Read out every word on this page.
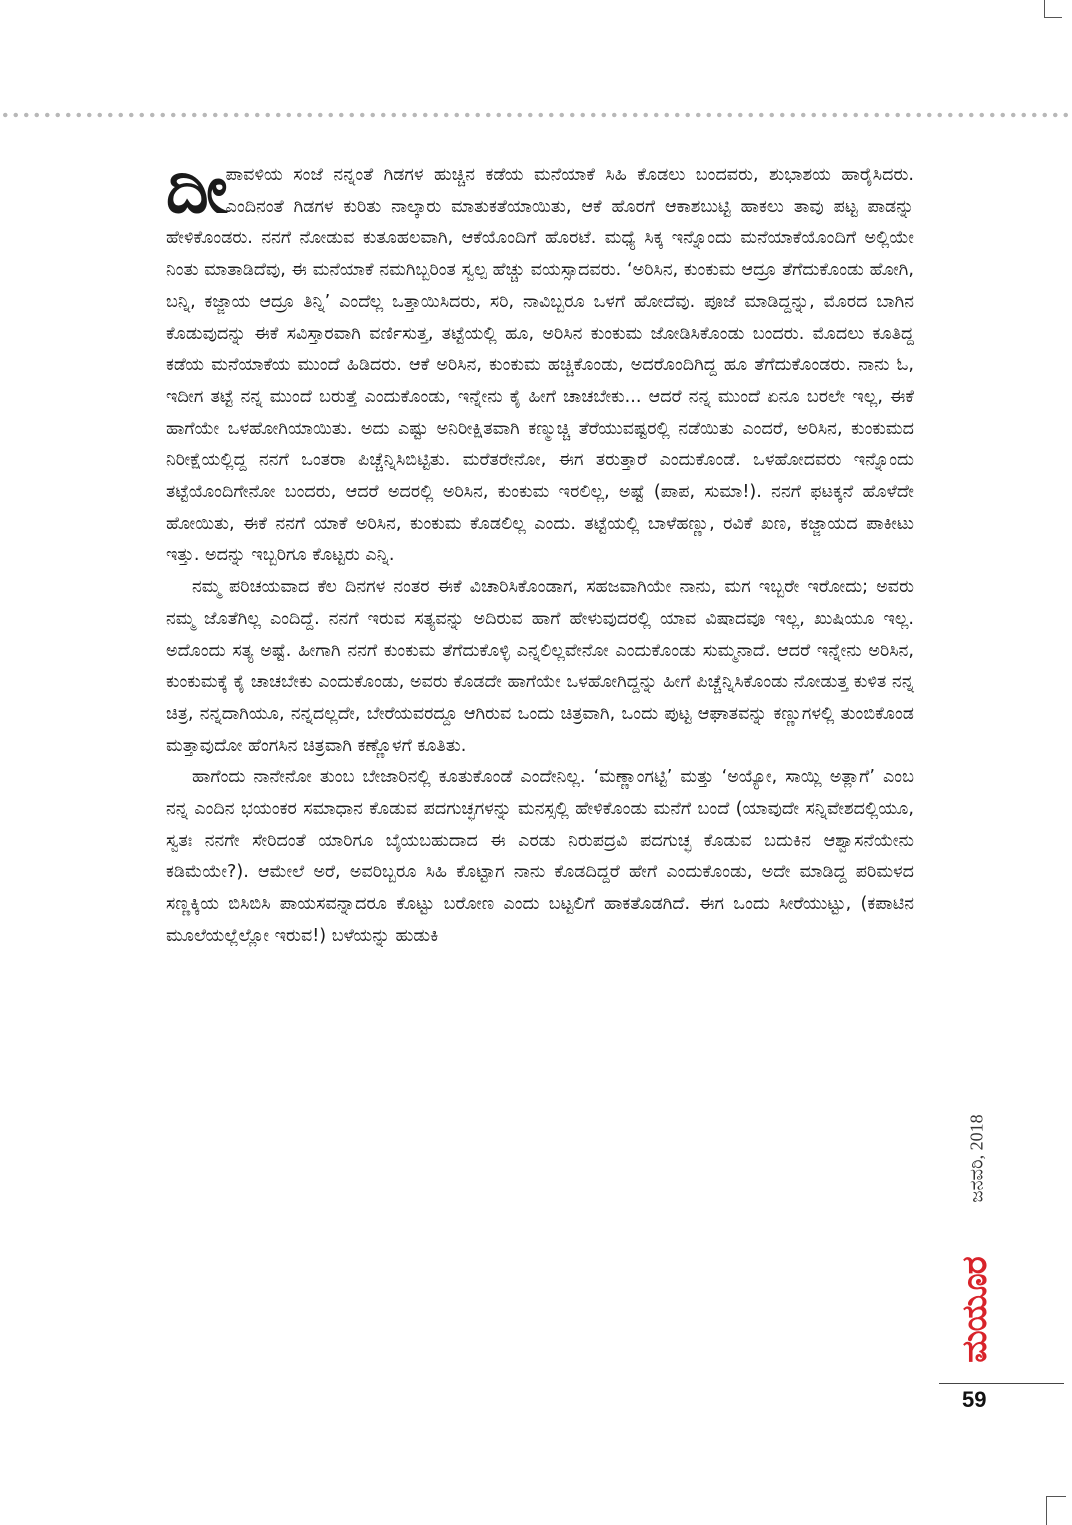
ದೀಪಾವಳಿಯ ಸಂಜೆ ನನ್ನಂತೆ ಗಿಡಗಳ ಹುಚ್ಚಿನ ಕಡೆಯ ಮನೆಯಾಕೆ ಸಿಹಿ ಕೊಡಲು ಬಂದವರು, ಶುಭಾಶಯ ಹಾರೈಸಿದರು. ಎಂದಿನಂತೆ ಗಿಡಗಳ ಕುರಿತು ನಾಲ್ಕಾರು ಮಾತುಕತೆಯಾಯಿತು, ಆಕೆ ಹೊರಗೆ ಆಕಾಶಬುಟ್ಟಿ ಹಾಕಲು ತಾವು ಪಟ್ಟ ಪಾಡನ್ನು ಹೇಳಿಕೊಂಡರು. ನನಗೆ ನೋಡುವ ಕುತೂಹಲವಾಗಿ, ಆಕೆಯೊಂದಿಗೆ ಹೊರಟೆ. ಮಧ್ಯೆ ಸಿಕ್ಕ ಇನ್ನೊಂದು ಮನೆಯಾಕೆಯೊಂದಿಗೆ ಅಲ್ಲಿಯೇ ನಿಂತು ಮಾತಾಡಿದೆವು, ಈ ಮನೆಯಾಕೆ ನಮಗಿಬ್ಬರಿಂತ ಸ್ವಲ್ಪ ಹೆಚ್ಚು ವಯಸ್ಸಾದವರು. ‘ಅರಿಸಿನ, ಕುಂಕುಮ ಆದ್ರೂ ತೆಗೆದುಕೊಂಡು ಹೋಗಿ, ಬನ್ನಿ, ಕಜ್ಜಾಯ ಆದ್ರೂ ತಿನ್ನಿ’ ಎಂದೆಲ್ಲ ಒತ್ತಾಯಿಸಿದರು, ಸರಿ, ನಾವಿಬ್ಬರೂ ಒಳಗೆ ಹೋದೆವು. ಪೂಜೆ ಮಾಡಿದ್ದನ್ನು, ಮೊರದ ಬಾಗಿನ ಕೊಡುವುದನ್ನು ಈಕೆ ಸವಿಸ್ತಾರವಾಗಿ ವರ್ಣಿಸುತ್ತ, ತಟ್ಟೆಯಲ್ಲಿ ಹೂ, ಅರಿಸಿನ ಕುಂಕುಮ ಜೋಡಿಸಿಕೊಂಡು ಬಂದರು. ಮೊದಲು ಕೂತಿದ್ದ ಕಡೆಯ ಮನೆಯಾಕೆಯ ಮುಂದೆ ಹಿಡಿದರು. ಆಕೆ ಅರಿಸಿನ, ಕುಂಕುಮ ಹಚ್ಚಿಕೊಂಡು, ಅದರೊಂದಿಗಿದ್ದ ಹೂ ತೆಗೆದುಕೊಂಡರು. ನಾನು ಓ, ಇದೀಗ ತಟ್ಟೆ ನನ್ನ ಮುಂದೆ ಬರುತ್ತೆ ಎಂದುಕೊಂಡು, ಇನ್ನೇನು ಕೈ ಹೀಗೆ ಚಾಚಬೇಕು... ಆದರೆ ನನ್ನ ಮುಂದೆ ಏನೂ ಬರಲೇ ಇಲ್ಲ, ಈಕೆ ಹಾಗೆಯೇ ಒಳಹೋಗಿಯಾಯಿತು. ಅದು ಎಷ್ಟು ಅನಿರೀಕ್ಷಿತವಾಗಿ ಕಣ್ಮುಚ್ಚಿ ತೆರೆಯುವಷ್ಟರಲ್ಲಿ ನಡೆಯಿತು ಎಂದರೆ, ಅರಿಸಿನ, ಕುಂಕುಮದ ನಿರೀಕ್ಷೆಯಲ್ಲಿದ್ದ ನನಗೆ ಒಂತರಾ ಪಿಚ್ಚೆನ್ನಿಸಿಬಿಟ್ಟಿತು. ಮರೆತರೇನೋ, ಈಗ ತರುತ್ತಾರೆ ಎಂದುಕೊಂಡೆ. ಒಳಹೋದವರು ಇನ್ನೊಂದು ತಟ್ಟೆಯೊಂದಿಗೇನೋ ಬಂದರು, ಆದರೆ ಅದರಲ್ಲಿ ಅರಿಸಿನ, ಕುಂಕುಮ ಇರಲಿಲ್ಲ, ಅಷ್ಟೆ (ಪಾಪ, ಸುಮಾ!). ನನಗೆ ಫಟಕ್ಕನೆ ಹೊಳೆದೇ ಹೋಯಿತು, ಈಕೆ ನನಗೆ ಯಾಕೆ ಅರಿಸಿನ, ಕುಂಕುಮ ಕೊಡಲಿಲ್ಲ ಎಂದು. ತಟ್ಟೆಯಲ್ಲಿ ಬಾಳೆಹಣ್ಣು, ರವಿಕೆ ಖಣ, ಕಜ್ಜಾಯದ ಪಾಕೀಟು ಇತ್ತು. ಅದನ್ನು ಇಬ್ಬರಿಗೂ ಕೊಟ್ಟರು ಎನ್ನಿ.

ನಮ್ಮ ಪರಿಚಯವಾದ ಕೆಲ ದಿನಗಳ ನಂತರ ಈಕೆ ವಿಚಾರಿಸಿಕೊಂಡಾಗ, ಸಹಜವಾಗಿಯೇ ನಾನು, ಮಗ ಇಬ್ಬರೇ ಇರೋದು; ಅವರು ನಮ್ಮ ಜೊತೆಗಿಲ್ಲ ಎಂದಿದ್ದೆ. ನನಗೆ ಇರುವ ಸತ್ಯವನ್ನು ಅದಿರುವ ಹಾಗೆ ಹೇಳುವುದರಲ್ಲಿ ಯಾವ ವಿಷಾದವೂ ಇಲ್ಲ, ಖುಷಿಯೂ ಇಲ್ಲ. ಅದೊಂದು ಸತ್ಯ ಅಷ್ಟೆ. ಹೀಗಾಗಿ ನನಗೆ ಕುಂಕುಮ ತೆಗೆದುಕೊಳ್ಳಿ ಎನ್ನಲಿಲ್ಲವೇನೋ ಎಂದುಕೊಂಡು ಸುಮ್ಮನಾದೆ. ಆದರೆ ಇನ್ನೇನು ಅರಿಸಿನ, ಕುಂಕುಮಕ್ಕೆ ಕೈ ಚಾಚಬೇಕು ಎಂದುಕೊಂಡು, ಅವರು ಕೊಡದೇ ಹಾಗೆಯೇ ಒಳಹೋಗಿದ್ದನ್ನು ಹೀಗೆ ಪಿಚ್ಚೆನ್ನಿಸಿಕೊಂಡು ನೋಡುತ್ತ ಕುಳಿತ ನನ್ನ ಚಿತ್ರ, ನನ್ನದಾಗಿಯೂ, ನನ್ನದಲ್ಲದೇ, ಬೇರೆಯವರದ್ದೂ ಆಗಿರುವ ಒಂದು ಚಿತ್ರವಾಗಿ, ಒಂದು ಪುಟ್ಟ ಆಘಾತವನ್ನು ಕಣ್ಣುಗಳಲ್ಲಿ ತುಂಬಿಕೊಂಡ ಮತ್ತಾವುದೋ ಹೆಂಗಸಿನ ಚಿತ್ರವಾಗಿ ಕಣ್ಣೊಳಗೆ ಕೂತಿತು.

ಹಾಗೆಂದು ನಾನೇನೋ ತುಂಬ ಬೇಜಾರಿನಲ್ಲಿ ಕೂತುಕೊಂಡೆ ಎಂದೇನಿಲ್ಲ. ‘ಮಣ್ಣಾಂಗಟ್ಟಿ’ ಮತ್ತು ‘ಅಯ್ಯೋ, ಸಾಯ್ಲಿ ಅತ್ಲಾಗೆ’ ಎಂಬ ನನ್ನ ಎಂದಿನ ಭಯಂಕರ ಸಮಾಧಾನ ಕೊಡುವ ಪದಗುಚ್ಛಗಳನ್ನು ಮನಸ್ಸಲ್ಲಿ ಹೇಳಿಕೊಂಡು ಮನೆಗೆ ಬಂದೆ (ಯಾವುದೇ ಸನ್ನಿವೇಶದಲ್ಲಿಯೂ, ಸ್ವತಃ ನನಗೇ ಸೇರಿದಂತೆ ಯಾರಿಗೂ ಬೈಯಬಹುದಾದ ಈ ಎರಡು ನಿರುಪದ್ರವಿ ಪದಗುಚ್ಛ ಕೊಡುವ ಬದುಕಿನ ಆಶ್ವಾಸನೆಯೇನು ಕಡಿಮೆಯೇ?). ಆಮೇಲೆ ಅರೆ, ಅವರಿಬ್ಬರೂ ಸಿಹಿ ಕೊಟ್ಟಾಗ ನಾನು ಕೊಡದಿದ್ದರೆ ಹೇಗೆ ಎಂದುಕೊಂಡು, ಅದೇ ಮಾಡಿದ್ದ ಪರಿಮಳದ ಸಣ್ಣಕ್ಕಿಯ ಬಿಸಿಬಿಸಿ ಪಾಯಸವನ್ನಾದರೂ ಕೊಟ್ಟು ಬರೋಣ ಎಂದು ಬಟ್ಟಲಿಗೆ ಹಾಕತೊಡಗಿದೆ. ಈಗ ಒಂದು ಸೀರೆಯುಟ್ಟು, (ಕಪಾಟಿನ ಮೂಲೆಯಲ್ಲೆಲ್ಲೋ ಇರುವ!) ಬಳೆಯನ್ನು ಹುಡುಕಿ

ಜನವರಿ, 2018
ಮಯೂರ
59
